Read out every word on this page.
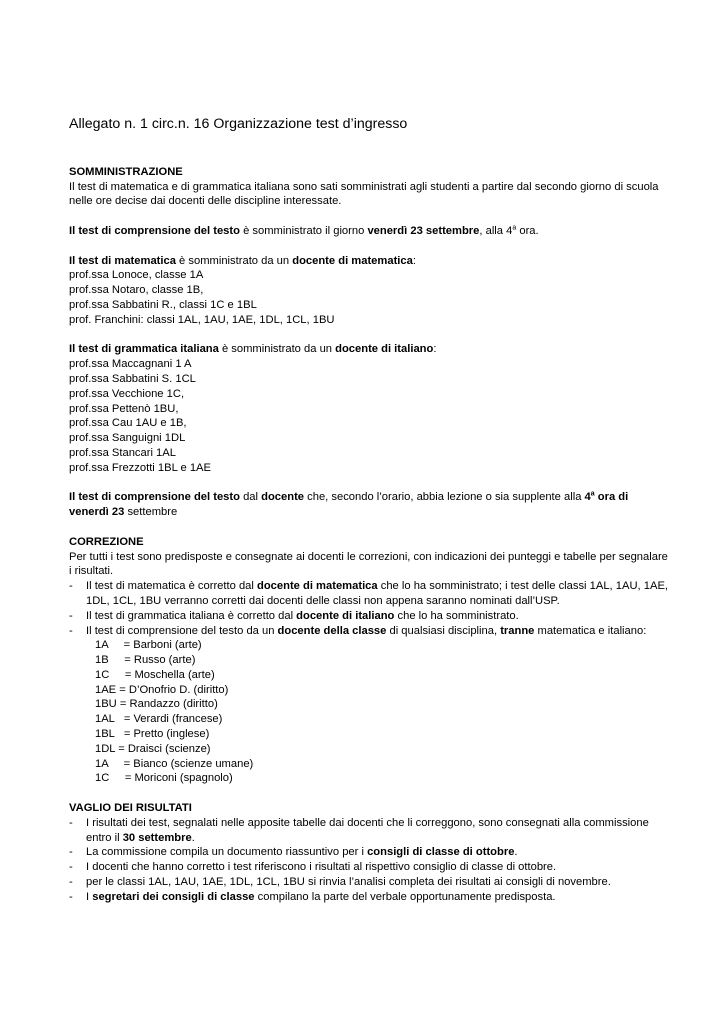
Allegato n. 1 circ.n. 16 Organizzazione test d’ingresso
SOMMINISTRAZIONE
Il test di matematica e di grammatica italiana sono sati somministrati agli studenti a partire dal secondo giorno di scuola nelle ore decise dai docenti delle discipline interessate.
Il test di comprensione del testo è somministrato il giorno venerdì 23 settembre, alla 4$^a$ ora.
Il test di matematica è somministrato da un docente di matematica:
prof.ssa Lonoce, classe 1A
prof.ssa Notaro, classe 1B,
prof.ssa Sabbatini R., classi 1C e 1BL
prof. Franchini: classi 1AL, 1AU, 1AE, 1DL, 1CL, 1BU
Il test di grammatica italiana è somministrato da un docente di italiano:
prof.ssa Maccagnani 1 A
prof.ssa Sabbatini S. 1CL
prof.ssa Vecchione 1C,
prof.ssa Pettenò 1BU,
prof.ssa Cau 1AU e 1B,
prof.ssa Sanguigni 1DL
prof.ssa Stancari 1AL
prof.ssa Frezzotti 1BL e 1AE
Il test di comprensione del testo dal docente che, secondo l’orario, abbia lezione o sia supplente alla 4$^a$ ora di venerdì 23 settembre
CORREZIONE
Per tutti i test sono predisposte e consegnate ai docenti le correzioni, con indicazioni dei punteggi e tabelle per segnalare i risultati.
-	Il test di matematica è corretto dal docente di matematica che lo ha somministrato; i test delle classi 1AL, 1AU, 1AE, 1DL, 1CL, 1BU verranno corretti dai docenti delle classi non appena saranno nominati dall’USP.
-	Il test di grammatica italiana è corretto dal docente di italiano che lo ha somministrato.
-	Il test di comprensione del testo da un docente della classe di qualsiasi disciplina, tranne matematica e italiano:
1A     = Barboni (arte)
1B     = Russo (arte)
1C     = Moschella (arte)
1AE = D’Onofrio D. (diritto)
1BU = Randazzo (diritto)
1AL   = Verardi (francese)
1BL   = Pretto (inglese)
1DL = Draisci (scienze)
1A     = Bianco (scienze umane)
1C     = Moriconi (spagnolo)
VAGLIO DEI RISULTATI
-	I risultati dei test, segnalati nelle apposite tabelle dai docenti che li correggono, sono consegnati alla commissione entro il 30 settembre.
-	La commissione compila un documento riassuntivo per i consigli di classe di ottobre.
-	I docenti che hanno corretto i test riferiscono i risultati al rispettivo consiglio di classe di ottobre.
-	per le classi 1AL, 1AU, 1AE, 1DL, 1CL, 1BU si rinvia l’analisi completa dei risultati ai consigli di novembre.
-	I segretari dei consigli di classe compilano la parte del verbale opportunamente predisposta.
